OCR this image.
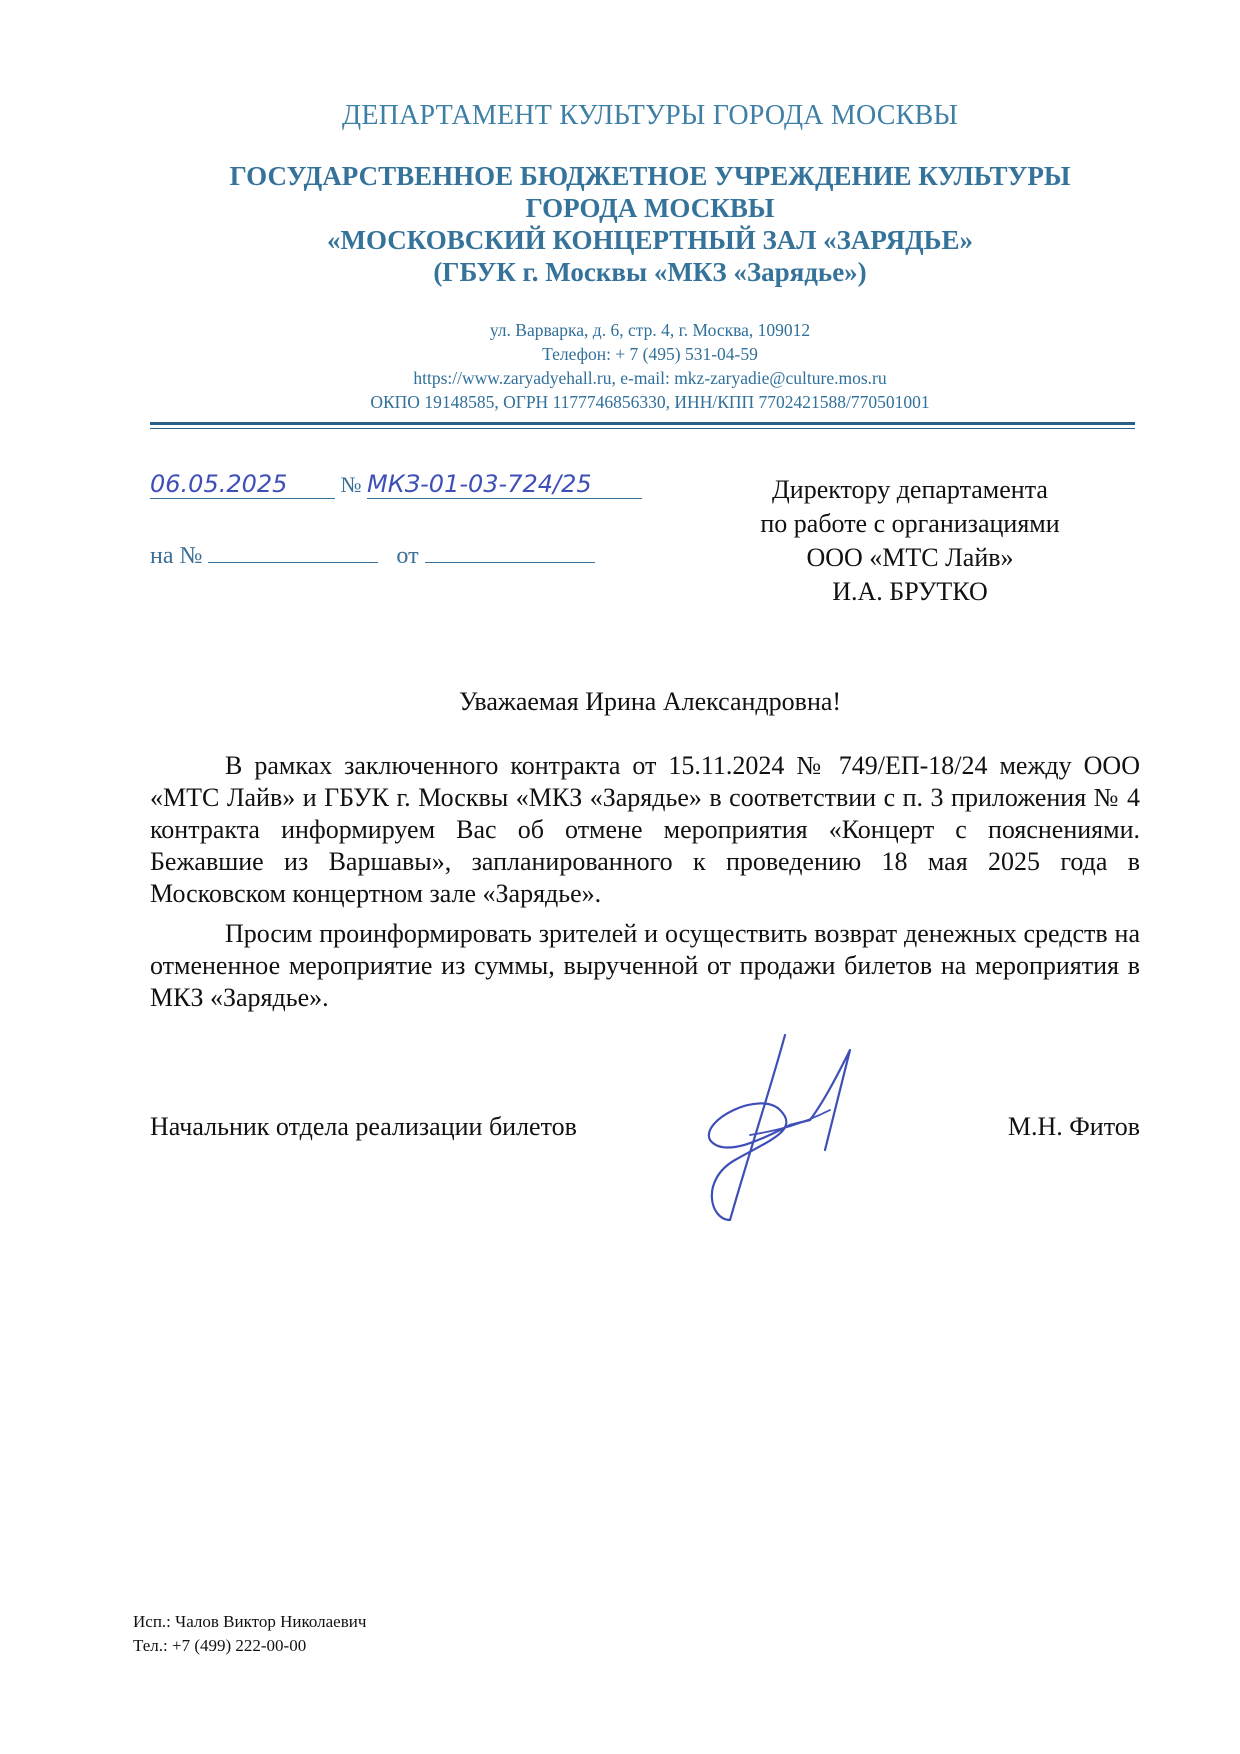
ДЕПАРТАМЕНТ КУЛЬТУРЫ ГОРОДА МОСКВЫ
ГОСУДАРСТВЕННОЕ БЮДЖЕТНОЕ УЧРЕЖДЕНИЕ КУЛЬТУРЫ
ГОРОДА МОСКВЫ
«МОСКОВСКИЙ КОНЦЕРТНЫЙ ЗАЛ «ЗАРЯДЬЕ»
(ГБУК г. Москвы «МКЗ «Зарядье»)
ул. Варварка, д. 6, стр. 4, г. Москва, 109012
Телефон: + 7 (495) 531-04-59
https://www.zaryadyehall.ru, e-mail: mkz-zaryadie@culture.mos.ru
ОКПО 19148585, ОГРН 1177746856330, ИНН/КПП 7702421588/770501001
06.05.2025 № МКЗ-01-03-724/25
на №	от
Директору департамента
по работе с организациями
ООО «МТС Лайв»
И.А. БРУТКО
Уважаемая Ирина Александровна!

В рамках заключенного контракта от 15.11.2024 № 749/ЕП-18/24 между ООО «МТС Лайв» и ГБУК г. Москвы «МКЗ «Зарядье» в соответствии с п. 3 приложения № 4 контракта информируем Вас об отмене мероприятия «Концерт с пояснениями. Бежавшие из Варшавы», запланированного к проведению 18 мая 2025 года в Московском концертном зале «Зарядье».

Просим проинформировать зрителей и осуществить возврат денежных средств на отмененное мероприятие из суммы, вырученной от продажи билетов на мероприятия в МКЗ «Зарядье».

Начальник отдела реализации билетов	М.Н. Фитов
Исп.: Чалов Виктор Николаевич
Тел.: +7 (499) 222-00-00
